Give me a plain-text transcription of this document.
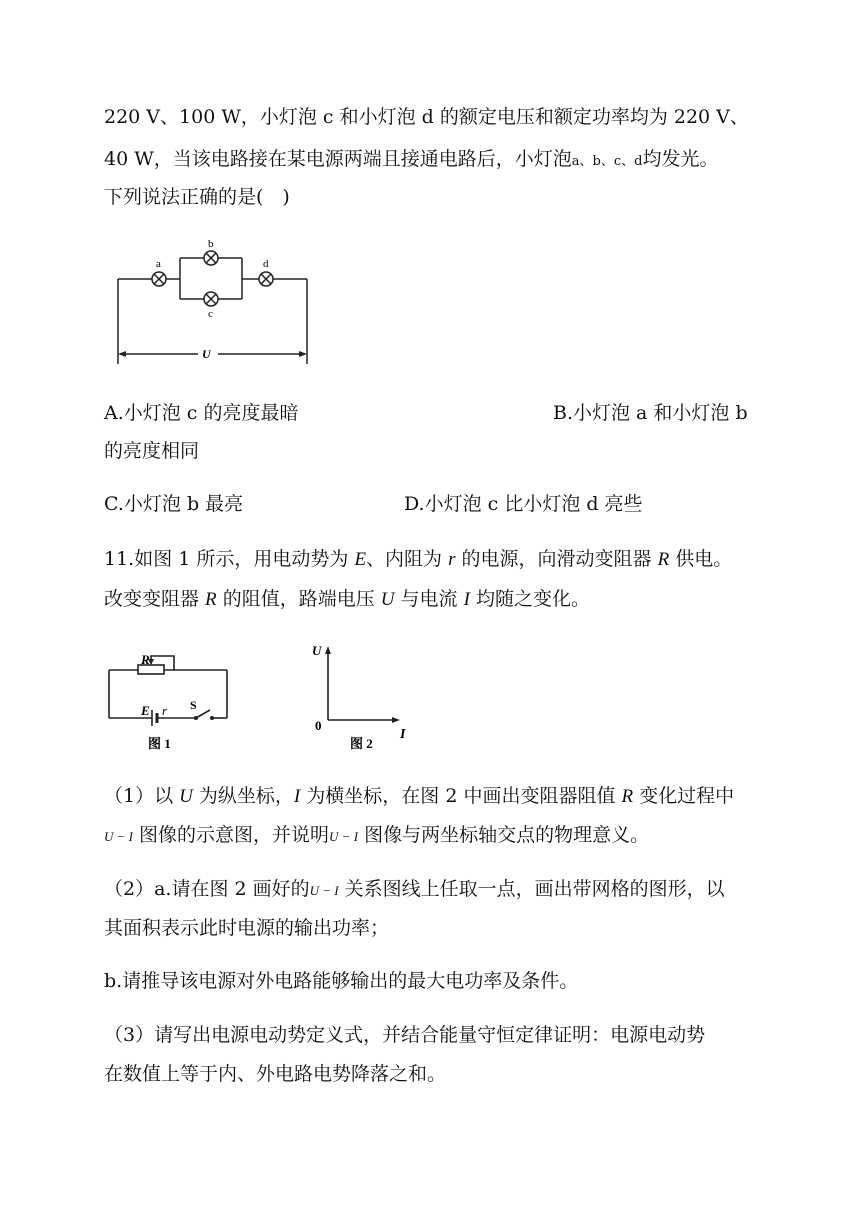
220 V、100 W，小灯泡 c 和小灯泡 d 的额定电压和额定功率均为 220 V、
40 W，当该电路接在某电源两端且接通电路后，小灯泡a、b、c、d均发光。
下列说法正确的是(　)
a
b
c
d
U
A.小灯泡 c 的亮度最暗	B.小灯泡 a 和小灯泡 b
的亮度相同
C.小灯泡 b 最亮	D.小灯泡 c 比小灯泡 d 亮些
11.如图 1 所示，用电动势为 E、内阻为 r 的电源，向滑动变阻器 R 供电。
改变变阻器 R 的阻值，路端电压 U 与电流 I 均随之变化。
R
E r S
图 1
U
0
I
图 2
（1）以 U 为纵坐标，I 为横坐标，在图 2 中画出变阻器阻值 R 变化过程中
U − I 图像的示意图，并说明U − I 图像与两坐标轴交点的物理意义。
（2）a.请在图 2 画好的U − I 关系图线上任取一点，画出带网格的图形，以
其面积表示此时电源的输出功率；
b.请推导该电源对外电路能够输出的最大电功率及条件。
（3）请写出电源电动势定义式，并结合能量守恒定律证明：电源电动势
在数值上等于内、外电路电势降落之和。
